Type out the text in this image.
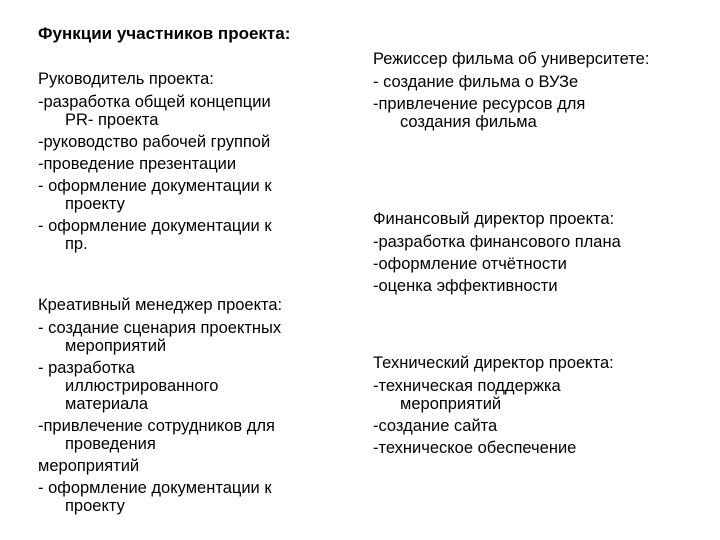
Функции участников проекта:
Руководитель проекта:
-разработка общей концепции
PR- проекта
-руководство рабочей группой
-проведение презентации
- оформление документации к
проекту
- оформление документации к
пр.
Креативный менеджер проекта:
- создание сценария проектных
мероприятий
- разработка
иллюстрированного
материала
-привлечение сотрудников для
проведения
мероприятий
- оформление документации к
проекту
Режиссер фильма об университете:
- создание фильма о ВУЗе
-привлечение ресурсов для
создания фильма
Финансовый директор проекта:
-разработка финансового плана
-оформление отчётности
-оценка эффективности
Технический директор проекта:
-техническая поддержка
мероприятий
-создание сайта
-техническое обеспечение
